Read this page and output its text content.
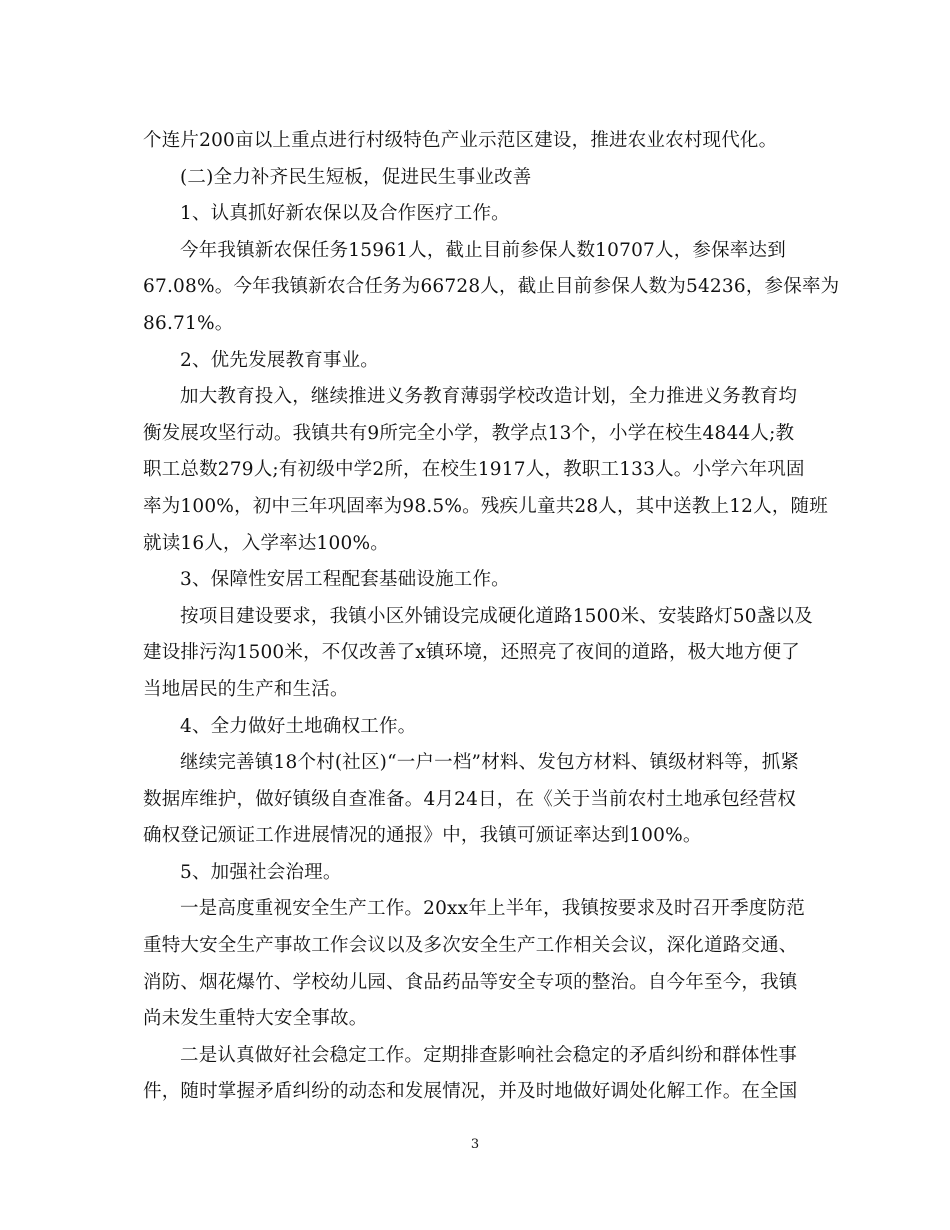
个连片200亩以上重点进行村级特色产业示范区建设，推进农业农村现代化。
(二)全力补齐民生短板，促进民生事业改善
1、认真抓好新农保以及合作医疗工作。
今年我镇新农保任务15961人，截止目前参保人数10707人，参保率达到
67.08%。今年我镇新农合任务为66728人，截止目前参保人数为54236，参保率为
86.71%。
2、优先发展教育事业。
加大教育投入，继续推进义务教育薄弱学校改造计划，全力推进义务教育均
衡发展攻坚行动。我镇共有9所完全小学，教学点13个，小学在校生4844人;教
职工总数279人;有初级中学2所，在校生1917人，教职工133人。小学六年巩固
率为100%，初中三年巩固率为98.5%。残疾儿童共28人，其中送教上12人，随班
就读16人，入学率达100%。
3、保障性安居工程配套基础设施工作。
按项目建设要求，我镇小区外铺设完成硬化道路1500米、安装路灯50盏以及
建设排污沟1500米，不仅改善了x镇环境，还照亮了夜间的道路，极大地方便了
当地居民的生产和生活。
4、全力做好土地确权工作。
继续完善镇18个村(社区)“一户一档”材料、发包方材料、镇级材料等，抓紧
数据库维护，做好镇级自查准备。4月24日，在《关于当前农村土地承包经营权
确权登记颁证工作进展情况的通报》中，我镇可颁证率达到100%。
5、加强社会治理。
一是高度重视安全生产工作。20xx年上半年，我镇按要求及时召开季度防范
重特大安全生产事故工作会议以及多次安全生产工作相关会议，深化道路交通、
消防、烟花爆竹、学校幼儿园、食品药品等安全专项的整治。自今年至今，我镇
尚未发生重特大安全事故。
二是认真做好社会稳定工作。定期排查影响社会稳定的矛盾纠纷和群体性事
件，随时掌握矛盾纠纷的动态和发展情况，并及时地做好调处化解工作。在全国
3
